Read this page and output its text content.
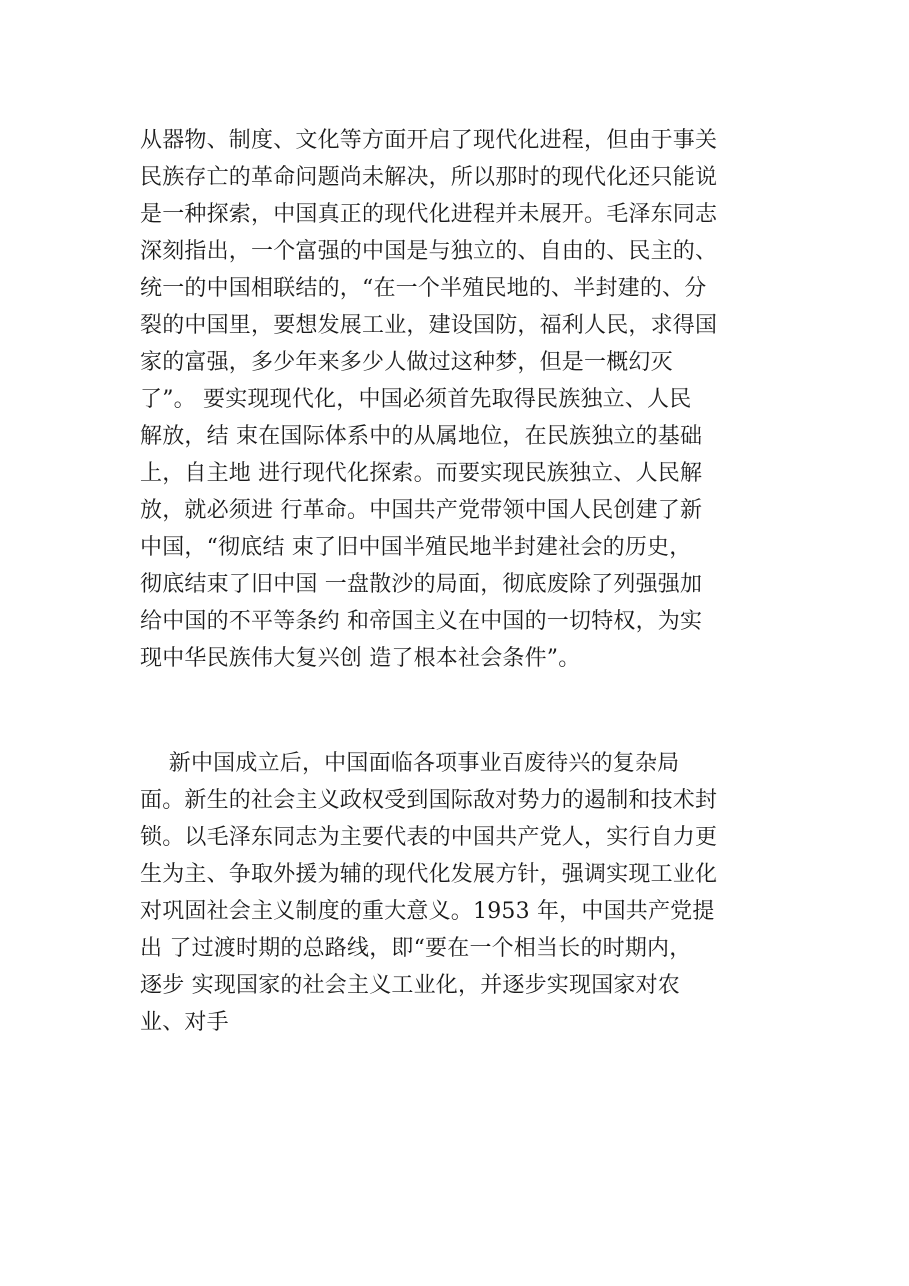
从器物、制度、文化等方面开启了现代化进程，但由于事关
民族存亡的革命问题尚未解决，所以那时的现代化还只能说
是一种探索，中国真正的现代化进程并未展开。毛泽东同志
深刻指出，一个富强的中国是与独立的、自由的、民主的、
统一的中国相联结的，“在一个半殖民地的、半封建的、分
裂的中国里，要想发展工业，建设国防，福利人民，求得国
家的富强，多少年来多少人做过这种梦，但是一概幻灭
了”。 要实现现代化，中国必须首先取得民族独立、人民
解放，结 束在国际体系中的从属地位，在民族独立的基础
上，自主地 进行现代化探索。而要实现民族独立、人民解
放，就必须进 行革命。中国共产党带领中国人民创建了新
中国，“彻底结 束了旧中国半殖民地半封建社会的历史，
彻底结束了旧中国 一盘散沙的局面，彻底废除了列强强加
给中国的不平等条约 和帝国主义在中国的一切特权，为实
现中华民族伟大复兴创 造了根本社会条件”。
新中国成立后，中国面临各项事业百废待兴的复杂局
面。新生的社会主义政权受到国际敌对势力的遏制和技术封
锁。以毛泽东同志为主要代表的中国共产党人，实行自力更
生为主、争取外援为辅的现代化发展方针，强调实现工业化
对巩固社会主义制度的重大意义。1953 年，中国共产党提
出 了过渡时期的总路线，即“要在一个相当长的时期内，
逐步 实现国家的社会主义工业化，并逐步实现国家对农
业、对手
